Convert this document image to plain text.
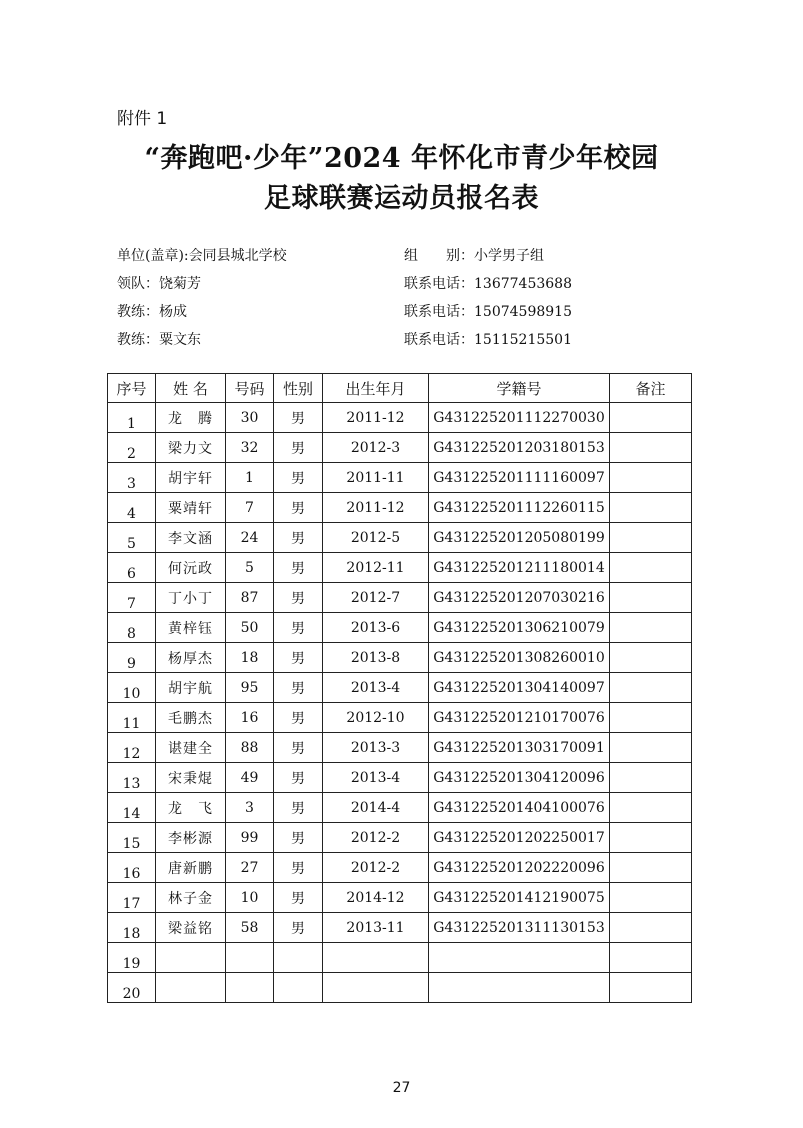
附件 1
“奔跑吧·少年”2024 年怀化市青少年校园
足球联赛运动员报名表
单位(盖章):会同县城北学校
领队：饶菊芳
教练：杨成
教练：粟文东
组　　别：小学男子组
联系电话：13677453688
联系电话：15074598915
联系电话：15115215501
序号	姓 名	号码	性别	出生年月	学籍号	备注
1	龙　腾	30	男	2011-12	G431225201112270030	
2	梁力文	32	男	2012-3	G431225201203180153	
3	胡宇轩	1	男	2011-11	G431225201111160097	
4	粟靖轩	7	男	2011-12	G431225201112260115	
5	李文涵	24	男	2012-5	G431225201205080199	
6	何沅政	5	男	2012-11	G431225201211180014	
7	丁小丁	87	男	2012-7	G431225201207030216	
8	黄梓钰	50	男	2013-6	G431225201306210079	
9	杨厚杰	18	男	2013-8	G431225201308260010	
10	胡宇航	95	男	2013-4	G431225201304140097	
11	毛鹏杰	16	男	2012-10	G431225201210170076	
12	谌建全	88	男	2013-3	G431225201303170091	
13	宋秉焜	49	男	2013-4	G431225201304120096	
14	龙　飞	3	男	2014-4	G431225201404100076	
15	李彬源	99	男	2012-2	G431225201202250017	
16	唐新鹏	27	男	2012-2	G431225201202220096	
17	林子金	10	男	2014-12	G431225201412190075	
18	梁益铭	58	男	2013-11	G431225201311130153	
19						
20						
27
